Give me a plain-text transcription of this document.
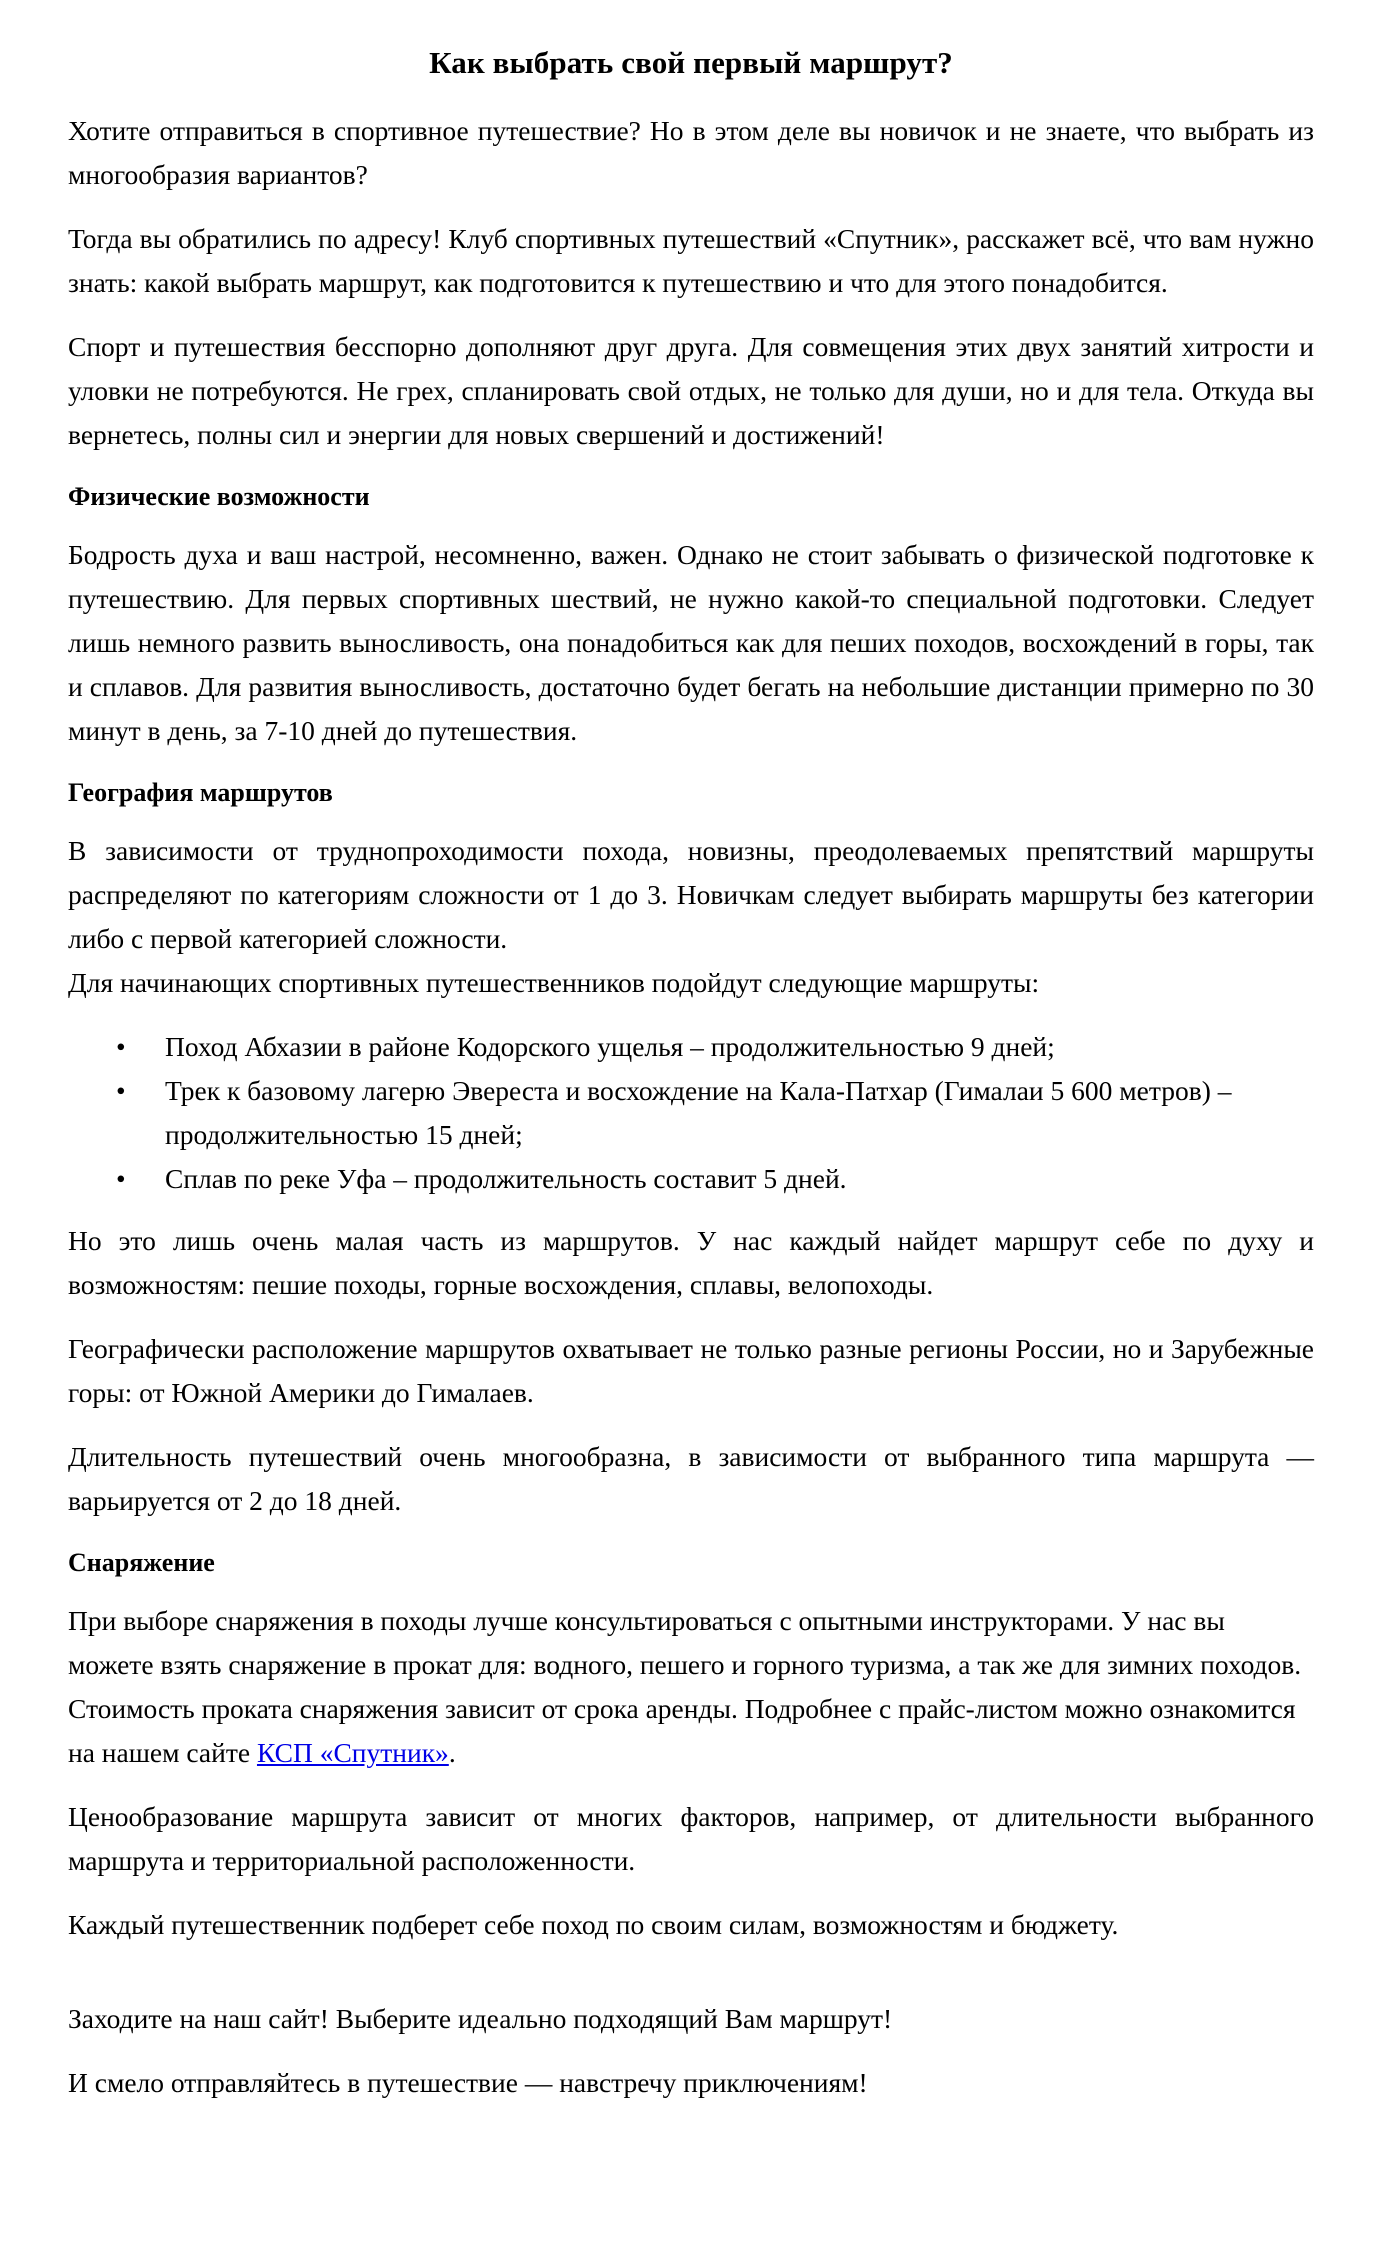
Как выбрать свой первый маршрут?

Хотите отправиться в спортивное путешествие? Но в этом деле вы новичок и не знаете, что выбрать из многообразия вариантов?

Тогда вы обратились по адресу! Клуб спортивных путешествий «Спутник», расскажет всё, что вам нужно знать: какой выбрать маршрут, как подготовится к путешествию и что для этого понадобится.

Спорт и путешествия бесспорно дополняют друг друга. Для совмещения этих двух занятий хитрости и уловки не потребуются. Не грех, спланировать свой отдых, не только для души, но и для тела. Откуда вы вернетесь, полны сил и энергии для новых свершений и достижений!

Физические возможности

Бодрость духа и ваш настрой, несомненно, важен. Однако не стоит забывать о физической подготовке к путешествию. Для первых спортивных шествий, не нужно какой-то специальной подготовки. Следует лишь немного развить выносливость, она понадобиться как для пеших походов, восхождений в горы, так и сплавов. Для развития выносливость, достаточно будет бегать на небольшие дистанции примерно по 30 минут в день, за 7-10 дней до путешествия.

География маршрутов

В зависимости от труднопроходимости похода, новизны, преодолеваемых препятствий маршруты распределяют по категориям сложности от 1 до 3. Новичкам следует выбирать маршруты без категории либо с первой категорией сложности.

Для начинающих спортивных путешественников подойдут следующие маршруты:

• Поход Абхазии в районе Кодорского ущелья – продолжительностью 9 дней;
• Трек к базовому лагерю Эвереста и восхождение на Кала-Патхар (Гималаи 5 600 метров) – продолжительностью 15 дней;
• Сплав по реке Уфа – продолжительность составит 5 дней.

Но это лишь очень малая часть из маршрутов. У нас каждый найдет маршрут себе по духу и возможностям: пешие походы, горные восхождения, сплавы, велопоходы.

Географически расположение маршрутов охватывает не только разные регионы России, но и Зарубежные горы: от Южной Америки до Гималаев.

Длительность путешествий очень многообразна, в зависимости от выбранного типа маршрута — варьируется от 2 до 18 дней.

Снаряжение

При выборе снаряжения в походы лучше консультироваться с опытными инструкторами. У нас вы можете взять снаряжение в прокат для: водного, пешего и горного туризма, а так же для зимних походов. Стоимость проката снаряжения зависит от срока аренды. Подробнее с прайс-листом можно ознакомится на нашем сайте КСП «Спутник».

Ценообразование маршрута зависит от многих факторов, например, от длительности выбранного маршрута и территориальной расположенности.

Каждый путешественник подберет себе поход по своим силам, возможностям и бюджету.

Заходите на наш сайт! Выберите идеально подходящий Вам маршрут!

И смело отправляйтесь в путешествие — навстречу приключениям!
